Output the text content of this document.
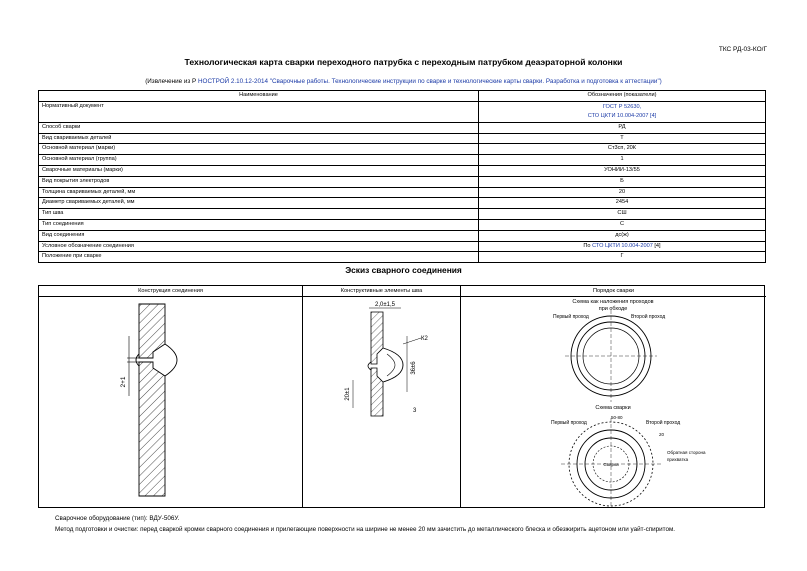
ТКС РД-03-КО/Г
Технологическая карта сварки переходного патрубка с переходным патрубком деаэраторной колонки
(Извлечение из Р НОСТРОЙ 2.10.12-2014 "Сварочные работы. Технологические инструкции по сварке и технологические карты сварки. Разработка и подготовка к аттестации")
Наименование	Обозначения (показатели)
Нормативный документ	ГОСТ Р 52630,
СТО ЦКТИ 10.004-2007 [4]

Способ сварки	РД
Вид свариваемых деталей	Т
Основной материал (марки)	Ст3сп, 20К
Основной материал (группа)	1
Сварочные материалы (марки)	УОНИИ-13/55
Вид покрытия электродов	Б
Толщина свариваемых деталей, мм	20
Диаметр свариваемых деталей, мм	2454
Тип шва	СШ
Тип соединения	С
Вид соединения	дс(ж)
Условное обозначение соединения	По СТО ЦКТИ 10.004-2007 [4]
Положение при сварке	Г
Эскиз сварного соединения
Конструкция соединения
2+1
Конструктивные элементы шва
2,0±1,5
36±6
К2
3
20±1
Порядок сварки
Схема как наложения проходов
при обходе
Первый проход	Второй проход
Схема сварки
50-80
Первый проход	Второй проход
20
Обратная сторона
прихватка
Сварка
Сварочное оборудование (тип): ВДУ-506У.
Метод подготовки и очистки: перед сваркой кромки сварного соединения и прилегающие поверхности на ширине не менее 20 мм зачистить до металлического блеска и обезжирить ацетоном или уайт-спиритом.
